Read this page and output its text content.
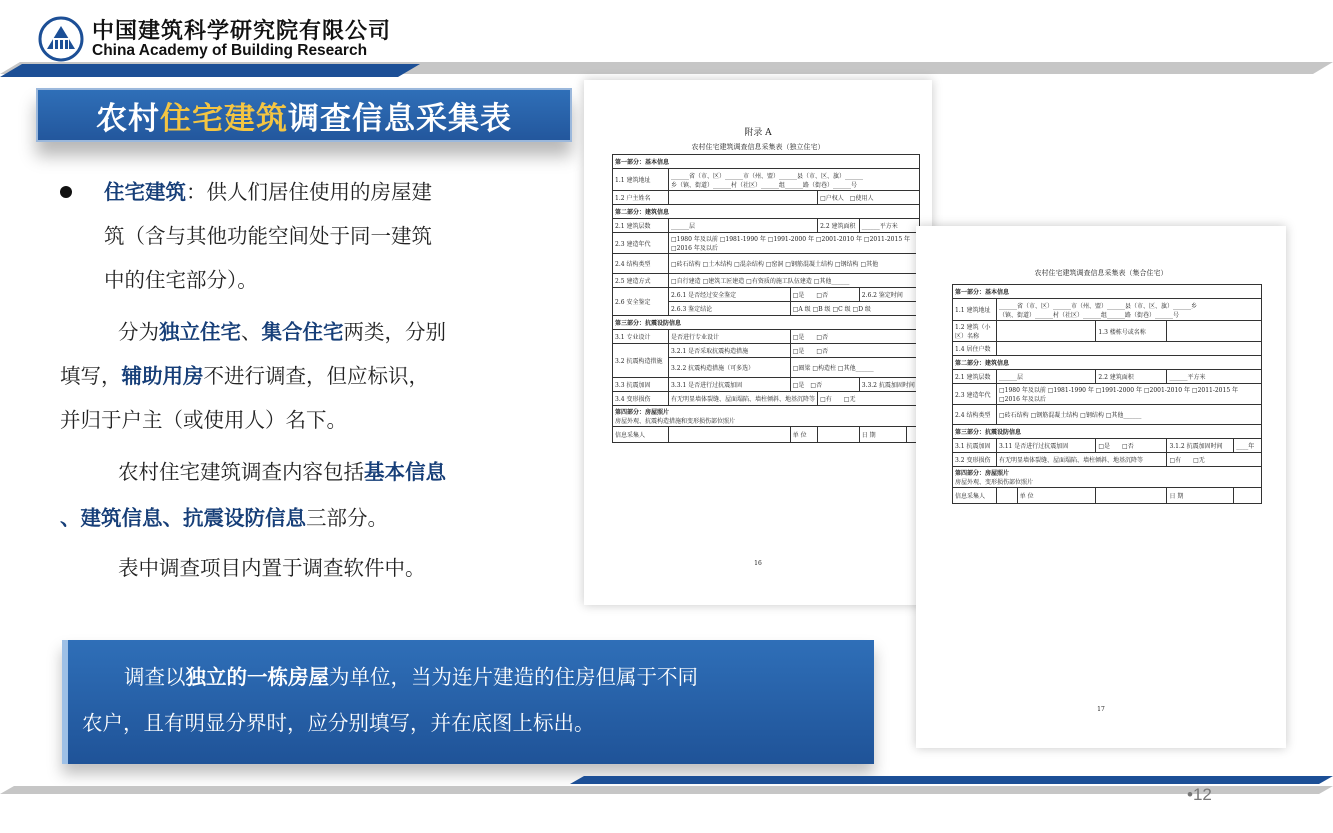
中国建筑科学研究院有限公司
China Academy of Building Research
农村 住宅建筑 调查信息采集表
住宅建筑：供人们居住使用的房屋建
筑（含与其他功能空间处于同一建筑
中的住宅部分）。
分为独立住宅、集合住宅两类，分别
填写，辅助用房不进行调查，但应标识，
并归于户主（或使用人）名下。
农村住宅建筑调查内容包括基本信息
、建筑信息、抗震设防信息三部分。
表中调查项目内置于调查软件中。
调查以独立的一栋房屋为单位，当为连片建造的住房但属于不同
农户，且有明显分界时，应分别填写，并在底图上标出。
附录 A
农村住宅建筑调查信息采集表（独立住宅）
第一部分：基本信息					
1.1 建筑地址	______省（市、区）______市（州、盟）______县（市、区、旗）______
乡（镇、街道）______村（社区）______组______路（街巷）______号				

1.2 户主姓名			□户权人　□使用人		
第二部分：建筑信息					
2.1 建筑层数	______层		2.2 建筑面积	______平方米	
2.3 建造年代	□1980 年及以前 □1981-1990 年 □1991-2000 年 □2001-2010 年 □2011-2015 年 □2016 年及以后				
2.4 结构类型	□砖石结构 □土木结构 □混杂结构 □窑洞 □钢筋混凝土结构 □钢结构 □其他				
2.5 建造方式	□自行建造 □建筑工匠建造 □有资质的施工队伍建造 □其他______				
2.6 安全鉴定	2.6.1 是否经过安全鉴定	□是　　□否		2.6.2 鉴定时间	
	2.6.3 鉴定结论	□A 级 □B 级 □C 级 □D 级			
第三部分：抗震设防信息					
3.1 专业设计	是否进行专业设计	□是　　□否			
3.2 抗震构造措施	3.2.1 是否采取抗震构造措施	□是　　□否			
	3.2.2 抗震构造措施（可多选）	□圈梁 □构造柱 □其他______			
3.3 抗震加固	3.3.1 是否进行过抗震加固	□是　□否		3.3.2 抗震加固时间	
3.4 变形损伤	有无明显墙体裂缝、屋面塌陷、墙柱倾斜、地基沉降等		□有　　□无		
第四部分：房屋照片
房屋外观、抗震构造措施和变形损伤部位照片					

信息采集人		单 位		日 期	
16
农村住宅建筑调查信息采集表（集合住宅）
第一部分：基本信息					
1.1 建筑地址	______省（市、区）______市（州、盟）______县（市、区、旗）______乡
（镇、街道）______村（社区）______组______路（街巷）______号				

1.2 建筑（小区）名称			1.3 楼栋号或名称		
1.4 居住户数					
第二部分：建筑信息					
2.1 建筑层数	______层		2.2 建筑面积	______平方米	
2.3 建造年代	□1980 年及以前 □1981-1990 年 □1991-2000 年 □2001-2010 年 □2011-2015 年 □2016 年及以后				
2.4 结构类型	□砖石结构 □钢筋混凝土结构 □钢结构 □其他______				
第三部分：抗震设防信息					
3.1 抗震加固	3.11 是否进行过抗震加固		□是　　□否	3.1.2 抗震加固时间	____年
3.2 变形损伤	有无明显墙体裂缝、屋面塌陷、墙柱倾斜、地基沉降等			□有　　□无	
第四部分：房屋照片
房屋外观、变形损伤部位照片					

信息采集人		单 位		日 期	
17
•12
